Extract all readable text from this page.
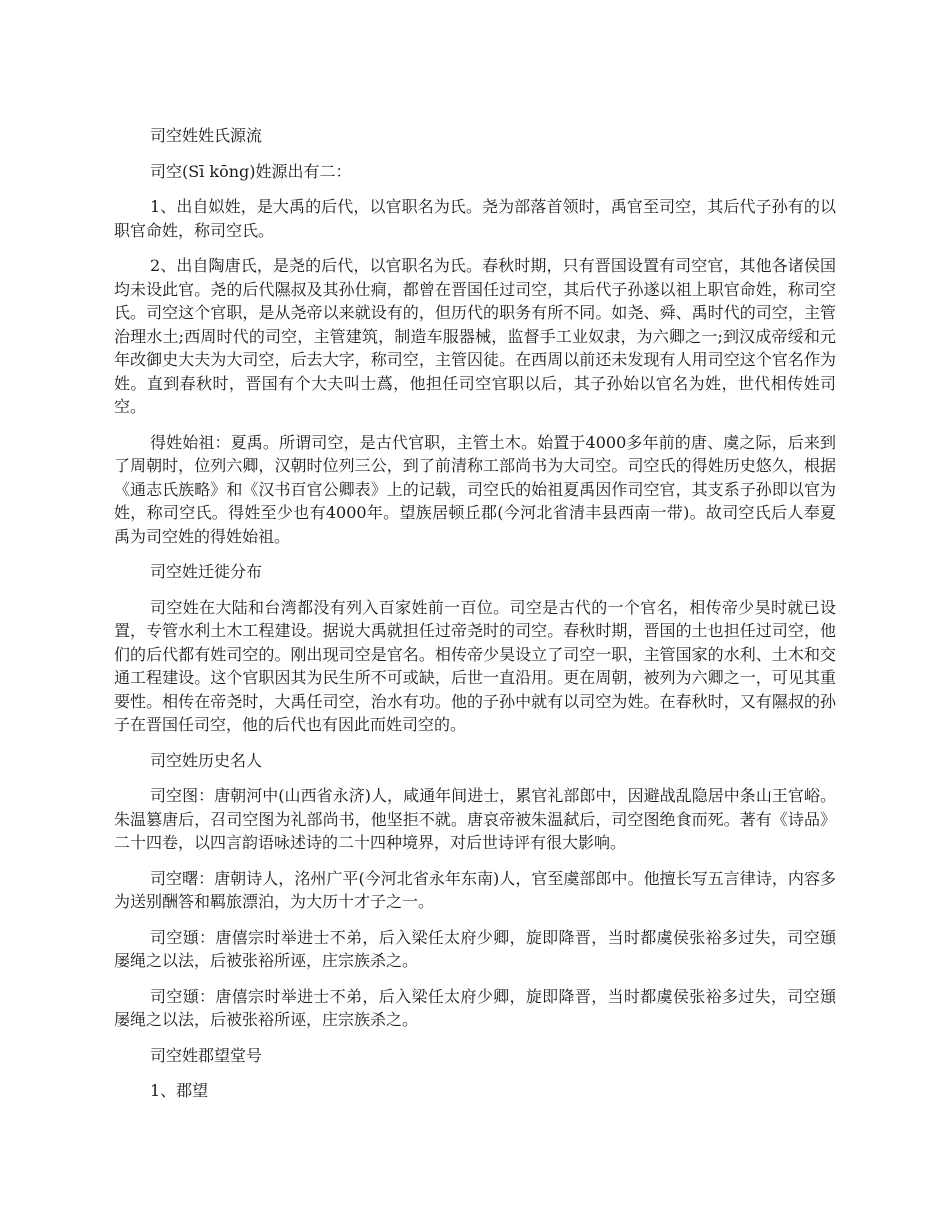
司空姓姓氏源流

司空(Sī kōng)姓源出有二：

1、出自姒姓，是大禹的后代，以官职名为氏。尧为部落首领时，禹官至司空，其后代子孙有的以职官命姓，称司空氏。

2、出自陶唐氏，是尧的后代，以官职名为氏。春秋时期，只有晋国设置有司空官，其他各诸侯国均未设此官。尧的后代隰叔及其孙仕痌，都曾在晋国任过司空，其后代子孙遂以祖上职官命姓，称司空氏。司空这个官职，是从尧帝以来就设有的，但历代的职务有所不同。如尧、舜、禹时代的司空，主管治理水土;西周时代的司空，主管建筑，制造车服器械，监督手工业奴隶，为六卿之一;到汉成帝绥和元年改御史大夫为大司空，后去大字，称司空，主管囚徒。在西周以前还未发现有人用司空这个官名作为姓。直到春秋时，晋国有个大夫叫士蔿，他担任司空官职以后，其子孙始以官名为姓，世代相传姓司空。

得姓始祖：夏禹。所谓司空，是古代官职，主管土木。始置于4000多年前的唐、虞之际，后来到了周朝时，位列六卿，汉朝时位列三公，到了前清称工部尚书为大司空。司空氏的得姓历史悠久，根据《通志氏族略》和《汉书百官公卿表》上的记载，司空氏的始祖夏禹因作司空官，其支系子孙即以官为姓，称司空氏。得姓至少也有4000年。望族居顿丘郡(今河北省清丰县西南一带)。故司空氏后人奉夏禹为司空姓的得姓始祖。

司空姓迁徙分布

司空姓在大陆和台湾都没有列入百家姓前一百位。司空是古代的一个官名，相传帝少昊时就已设置，专管水利土木工程建设。据说大禹就担任过帝尧时的司空。春秋时期，晋国的土也担任过司空，他们的后代都有姓司空的。刚出现司空是官名。相传帝少昊设立了司空一职，主管国家的水利、土木和交通工程建设。这个官职因其为民生所不可或缺，后世一直沿用。更在周朝，被列为六卿之一，可见其重要性。相传在帝尧时，大禹任司空，治水有功。他的子孙中就有以司空为姓。在春秋时，又有隰叔的孙子在晋国任司空，他的后代也有因此而姓司空的。

司空姓历史名人

司空图：唐朝河中(山西省永济)人，咸通年间进士，累官礼部郎中，因避战乱隐居中条山王官峪。朱温篡唐后，召司空图为礼部尚书，他坚拒不就。唐哀帝被朱温弑后，司空图绝食而死。著有《诗品》二十四卷，以四言韵语咏述诗的二十四种境界，对后世诗评有很大影响。

司空曙：唐朝诗人，洺州广平(今河北省永年东南)人，官至虞部郎中。他擅长写五言律诗，内容多为送别酬答和羁旅漂泊，为大历十才子之一。

司空頲：唐僖宗时举进士不弟，后入梁任太府少卿，旋即降晋，当时都虞侯张裕多过失，司空頲屡绳之以法，后被张裕所诬，庄宗族杀之。

司空頲：唐僖宗时举进士不弟，后入梁任太府少卿，旋即降晋，当时都虞侯张裕多过失，司空頲屡绳之以法，后被张裕所诬，庄宗族杀之。

司空姓郡望堂号

1、郡望
